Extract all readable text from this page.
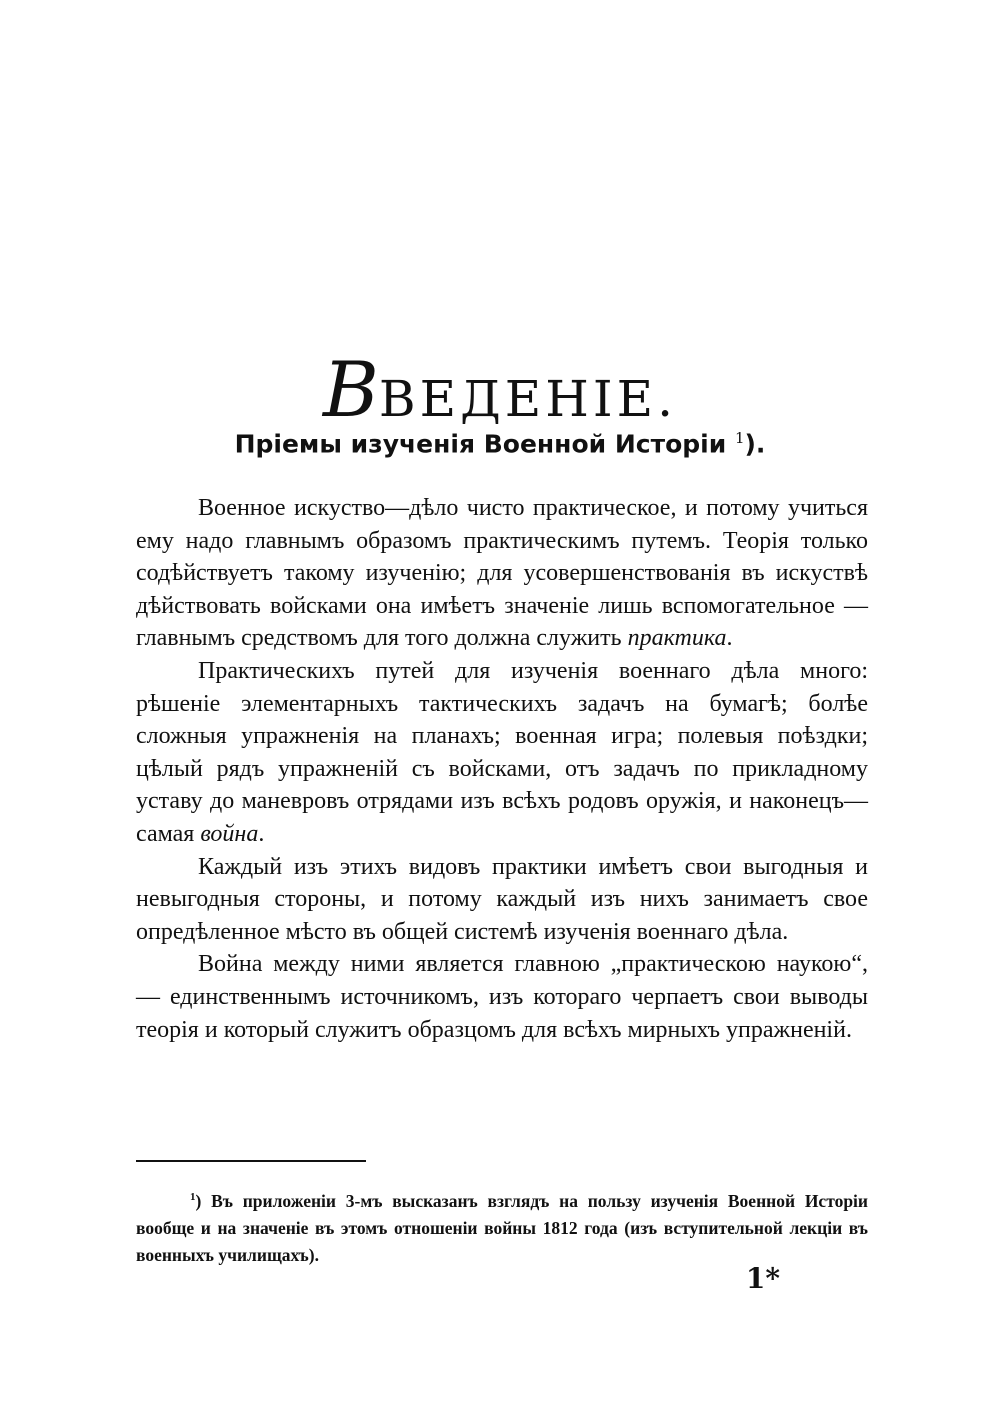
ВВЕДЕНІЕ.
Пріемы изученія Военной Исторіи $^1$).

Военное искуство—дѣло чисто практическое, и потому учиться ему надо главнымъ образомъ практическимъ путемъ. Теорія только содѣйствуетъ такому изученію; для усовершенствованія въ искуствѣ дѣйствовать войсками она имѣетъ значеніе лишь вспомогательное — главнымъ средствомъ для того должна служить практика.

Практическихъ путей для изученія военнаго дѣла много: рѣшеніе элементарныхъ тактическихъ задачъ на бумагѣ; болѣе сложныя упражненія на планахъ; военная игра; полевыя поѣздки; цѣлый рядъ упражненій съ войсками, отъ задачъ по прикладному уставу до маневровъ отрядами изъ всѣхъ родовъ оружія, и наконецъ—самая война.

Каждый изъ этихъ видовъ практики имѣетъ свои выгодныя и невыгодныя стороны, и потому каждый изъ нихъ занимаетъ свое опредѣленное мѣсто въ общей системѣ изученія военнаго дѣла.

Война между ними является главною „практическою наукою“, — единственнымъ источникомъ, изъ котораго черпаетъ свои выводы теорія и который служитъ образцомъ для всѣхъ мирныхъ упражненій.

$^1$) Въ приложеніи 3-мъ высказанъ взглядъ на пользу изученія Военной Исторіи вообще и на значеніе въ этомъ отношеніи войны 1812 года (изъ вступительной лекціи въ военныхъ училищахъ).

1*
